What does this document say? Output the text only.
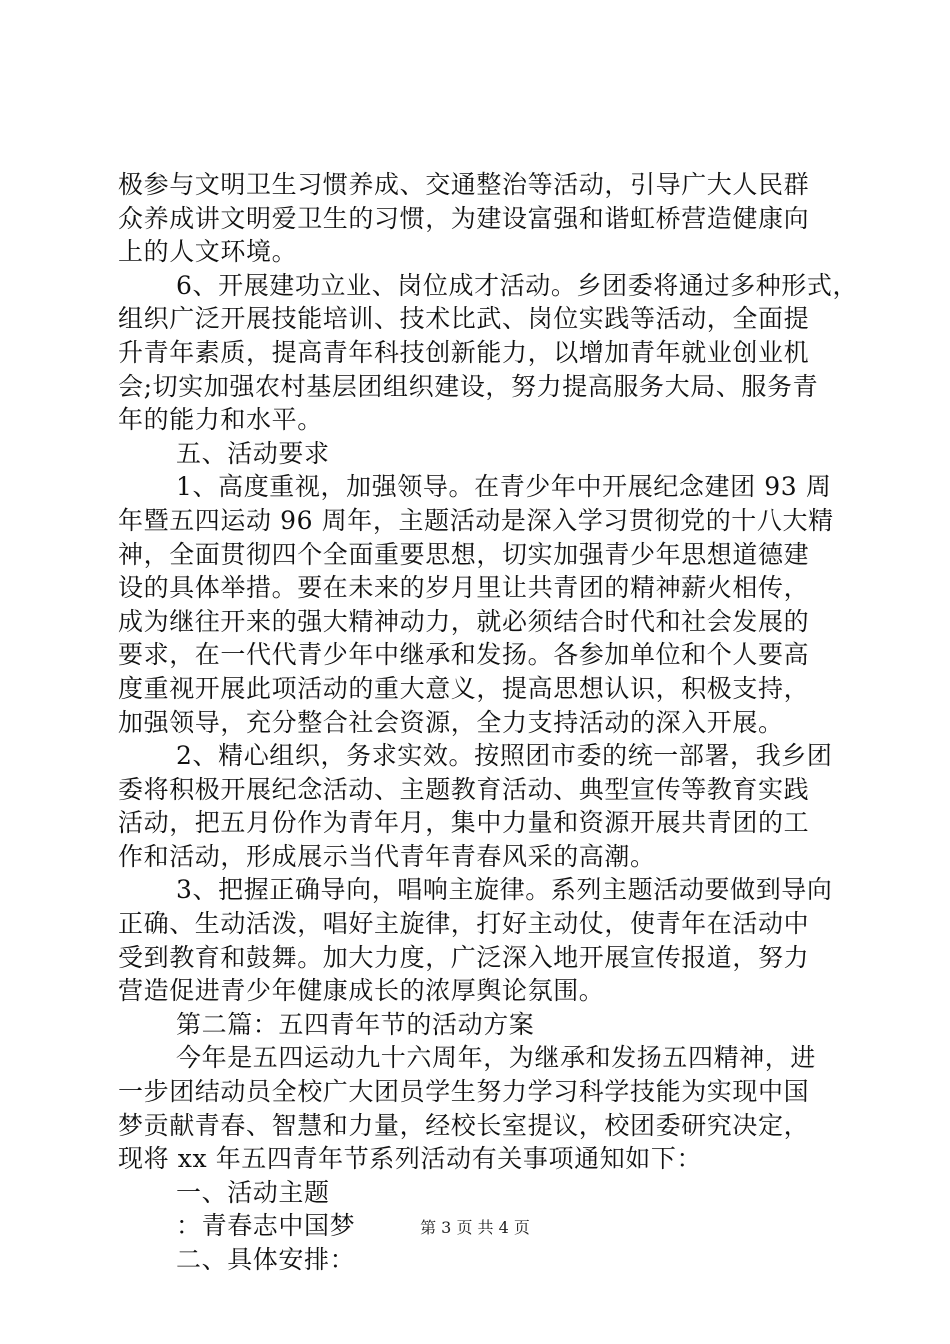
极参与文明卫生习惯养成、交通整治等活动，引导广大人民群
众养成讲文明爱卫生的习惯，为建设富强和谐虹桥营造健康向
上的人文环境。
6、开展建功立业、岗位成才活动。乡团委将通过多种形式，
组织广泛开展技能培训、技术比武、岗位实践等活动，全面提
升青年素质，提高青年科技创新能力，以增加青年就业创业机
会;切实加强农村基层团组织建设，努力提高服务大局、服务青
年的能力和水平。
五、活动要求
1、高度重视，加强领导。在青少年中开展纪念建团 93 周
年暨五四运动 96 周年，主题活动是深入学习贯彻党的十八大精
神，全面贯彻四个全面重要思想，切实加强青少年思想道德建
设的具体举措。要在未来的岁月里让共青团的精神薪火相传，
成为继往开来的强大精神动力，就必须结合时代和社会发展的
要求，在一代代青少年中继承和发扬。各参加单位和个人要高
度重视开展此项活动的重大意义，提高思想认识，积极支持，
加强领导，充分整合社会资源，全力支持活动的深入开展。
2、精心组织，务求实效。按照团市委的统一部署，我乡团
委将积极开展纪念活动、主题教育活动、典型宣传等教育实践
活动，把五月份作为青年月，集中力量和资源开展共青团的工
作和活动，形成展示当代青年青春风采的高潮。
3、把握正确导向，唱响主旋律。系列主题活动要做到导向
正确、生动活泼，唱好主旋律，打好主动仗，使青年在活动中
受到教育和鼓舞。加大力度，广泛深入地开展宣传报道，努力
营造促进青少年健康成长的浓厚舆论氛围。
第二篇：五四青年节的活动方案
今年是五四运动九十六周年，为继承和发扬五四精神，进
一步团结动员全校广大团员学生努力学习科学技能为实现中国
梦贡献青春、智慧和力量，经校长室提议，校团委研究决定，
现将 xx 年五四青年节系列活动有关事项通知如下：
一、活动主题
：青春志中国梦
二、具体安排：
第 3 页 共 4 页
